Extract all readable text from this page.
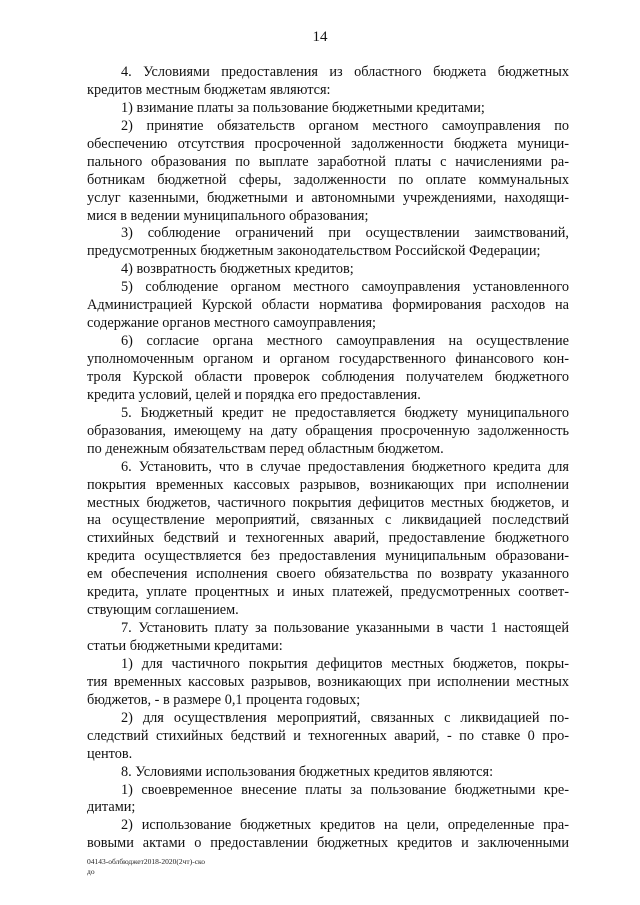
14
4. Условиями предоставления из областного бюджета бюджетных
кредитов местным бюджетам являются:
1) взимание платы за пользование бюджетными кредитами;
2) принятие обязательств органом местного самоуправления по
обеспечению отсутствия просроченной задолженности бюджета муници-
пального образования по выплате заработной платы с начислениями ра-
ботникам бюджетной сферы, задолженности по оплате коммунальных
услуг казенными, бюджетными и автономными учреждениями, находящи-
мися в ведении муниципального образования;
3) соблюдение ограничений при осуществлении заимствований,
предусмотренных бюджетным законодательством Российской Федерации;
4) возвратность бюджетных кредитов;
5) соблюдение органом местного самоуправления установленного
Администрацией Курской области норматива формирования расходов на
содержание органов местного самоуправления;
6) согласие органа местного самоуправления на осуществление
уполномоченным органом и органом государственного финансового кон-
троля Курской области проверок соблюдения получателем бюджетного
кредита условий, целей и порядка его предоставления.
5. Бюджетный кредит не предоставляется бюджету муниципального
образования, имеющему на дату обращения просроченную задолженность
по денежным обязательствам перед областным бюджетом.
6. Установить, что в случае предоставления бюджетного кредита для
покрытия временных кассовых разрывов, возникающих при исполнении
местных бюджетов, частичного покрытия дефицитов местных бюджетов, и
на осуществление мероприятий, связанных с ликвидацией последствий
стихийных бедствий и техногенных аварий, предоставление бюджетного
кредита осуществляется без предоставления муниципальным образовани-
ем обеспечения исполнения своего обязательства по возврату указанного
кредита, уплате процентных и иных платежей, предусмотренных соответ-
ствующим соглашением.
7. Установить плату за пользование указанными в части 1 настоящей
статьи бюджетными кредитами:
1) для частичного покрытия дефицитов местных бюджетов, покры-
тия временных кассовых разрывов, возникающих при исполнении местных
бюджетов, - в размере 0,1 процента годовых;
2) для осуществления мероприятий, связанных с ликвидацией по-
следствий стихийных бедствий и техногенных аварий, - по ставке 0 про-
центов.
8. Условиями использования бюджетных кредитов являются:
1) своевременное внесение платы за пользование бюджетными кре-
дитами;
2) использование бюджетных кредитов на цели, определенные пра-
вовыми актами о предоставлении бюджетных кредитов и заключенными
04143-облбюджет2018-2020(2чт)-ско
до
